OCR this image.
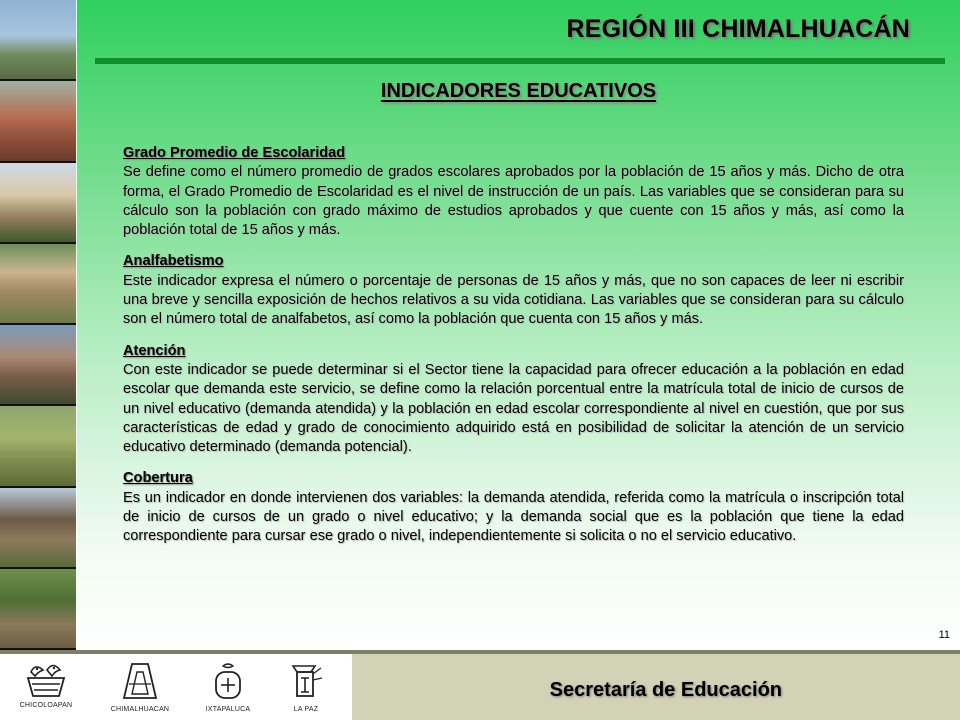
REGIÓN III CHIMALHUACÁN
INDICADORES EDUCATIVOS
Grado Promedio de Escolaridad
Se define como el número promedio de grados escolares aprobados por la población de 15 años y más. Dicho de otra forma, el Grado Promedio de Escolaridad es el nivel de instrucción de un país. Las variables que se consideran para su cálculo son la población con grado máximo de estudios aprobados y que cuente con 15 años y más, así como la población total de 15 años y más.
Analfabetismo
Este indicador expresa el número o porcentaje de personas de 15 años y más, que no son capaces de leer ni escribir una breve y sencilla exposición de hechos relativos a su vida cotidiana. Las variables que se consideran para su cálculo son el número total de analfabetos, así como la población que cuenta con 15 años y más.
Atención
Con este indicador se puede determinar si el Sector tiene la capacidad para ofrecer educación a la población en edad escolar que demanda este servicio, se define como la relación porcentual entre la matrícula total de inicio de cursos de un nivel educativo (demanda atendida) y la población en edad escolar correspondiente al nivel en cuestión, que por sus características de edad y grado de conocimiento adquirido está en posibilidad de solicitar la atención de un servicio educativo determinado (demanda potencial).
Cobertura
Es un indicador en donde intervienen dos variables: la demanda atendida, referida como la matrícula o inscripción total de inicio de cursos de un grado o nivel educativo; y la demanda social que es la población que tiene la edad correspondiente para cursar ese grado o nivel, independientemente si solicita o no el servicio educativo.
11
CHICOLOAPAN
CHIMALHUACAN	IXTAPALUCA	LA PAZ
Secretaría de Educación
